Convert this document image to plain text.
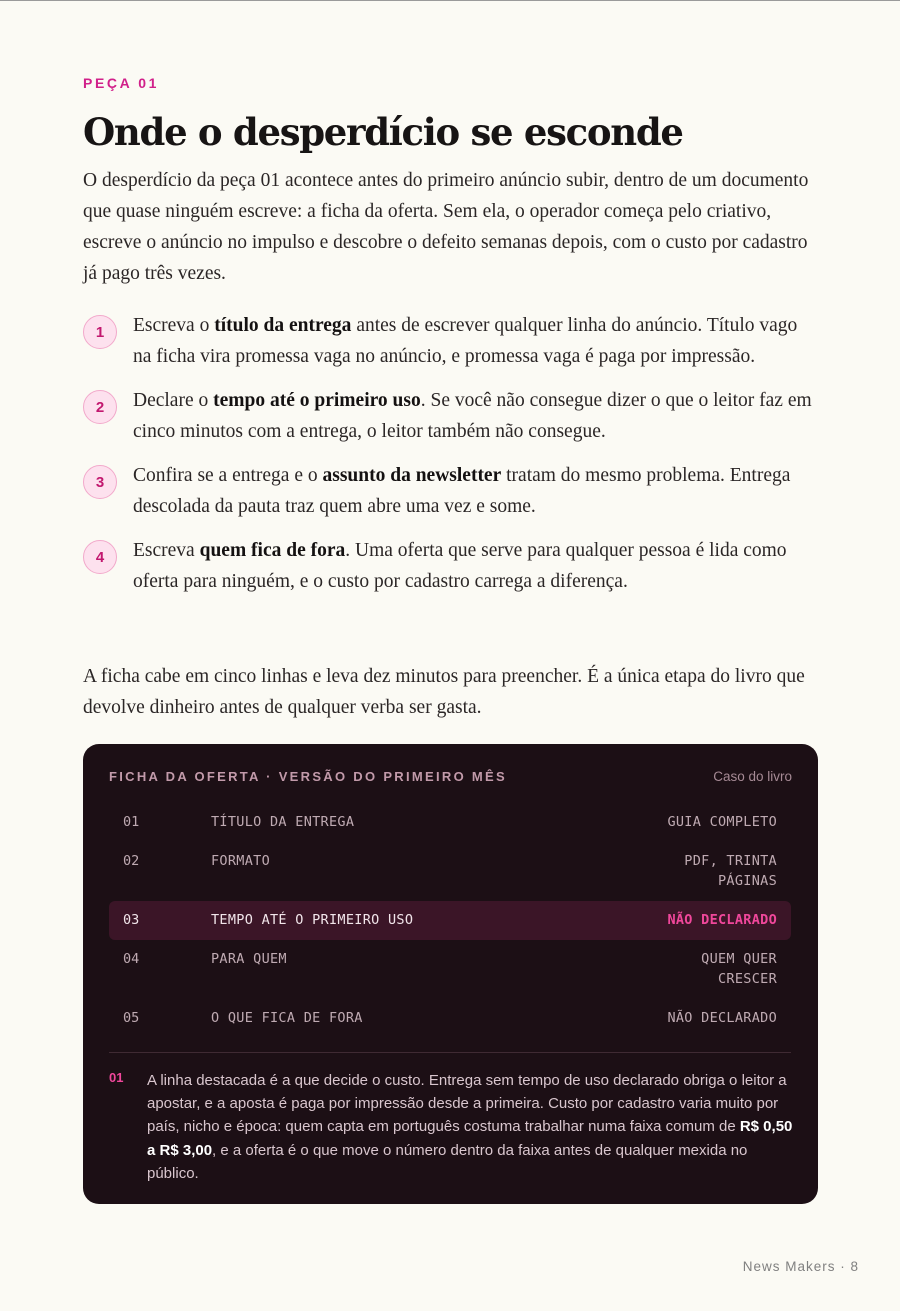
PEÇA 01
Onde o desperdício se esconde

O desperdício da peça 01 acontece antes do primeiro anúncio subir, dentro de um documento que quase ninguém escreve: a ficha da oferta. Sem ela, o operador começa pelo criativo, escreve o anúncio no impulso e descobre o defeito semanas depois, com o custo por cadastro já pago três vezes.

1	Escreva o título da entrega antes de escrever qualquer linha do anúncio. Título vago na ficha vira promessa vaga no anúncio, e promessa vaga é paga por impressão.
2	Declare o tempo até o primeiro uso. Se você não consegue dizer o que o leitor faz em cinco minutos com a entrega, o leitor também não consegue.
3	Confira se a entrega e o assunto da newsletter tratam do mesmo problema. Entrega descolada da pauta traz quem abre uma vez e some.
4	Escreva quem fica de fora. Uma oferta que serve para qualquer pessoa é lida como oferta para ninguém, e o custo por cadastro carrega a diferença.

A ficha cabe em cinco linhas e leva dez minutos para preencher. É a única etapa do livro que devolve dinheiro antes de qualquer verba ser gasta.

FICHA DA OFERTA · VERSÃO DO PRIMEIRO MÊS	Caso do livro
01	TÍTULO DA ENTREGA	GUIA COMPLETO
02	FORMATO	PDF, TRINTA PÁGINAS
03	TEMPO ATÉ O PRIMEIRO USO	NÃO DECLARADO
04	PARA QUEM	QUEM QUER CRESCER
05	O QUE FICA DE FORA	NÃO DECLARADO
01 A linha destacada é a que decide o custo. Entrega sem tempo de uso declarado obriga o leitor a apostar, e a aposta é paga por impressão desde a primeira. Custo por cadastro varia muito por país, nicho e época: quem capta em português costuma trabalhar numa faixa comum de R$ 0,50 a R$ 3,00, e a oferta é o que move o número dentro da faixa antes de qualquer mexida no público.

News Makers · 8
